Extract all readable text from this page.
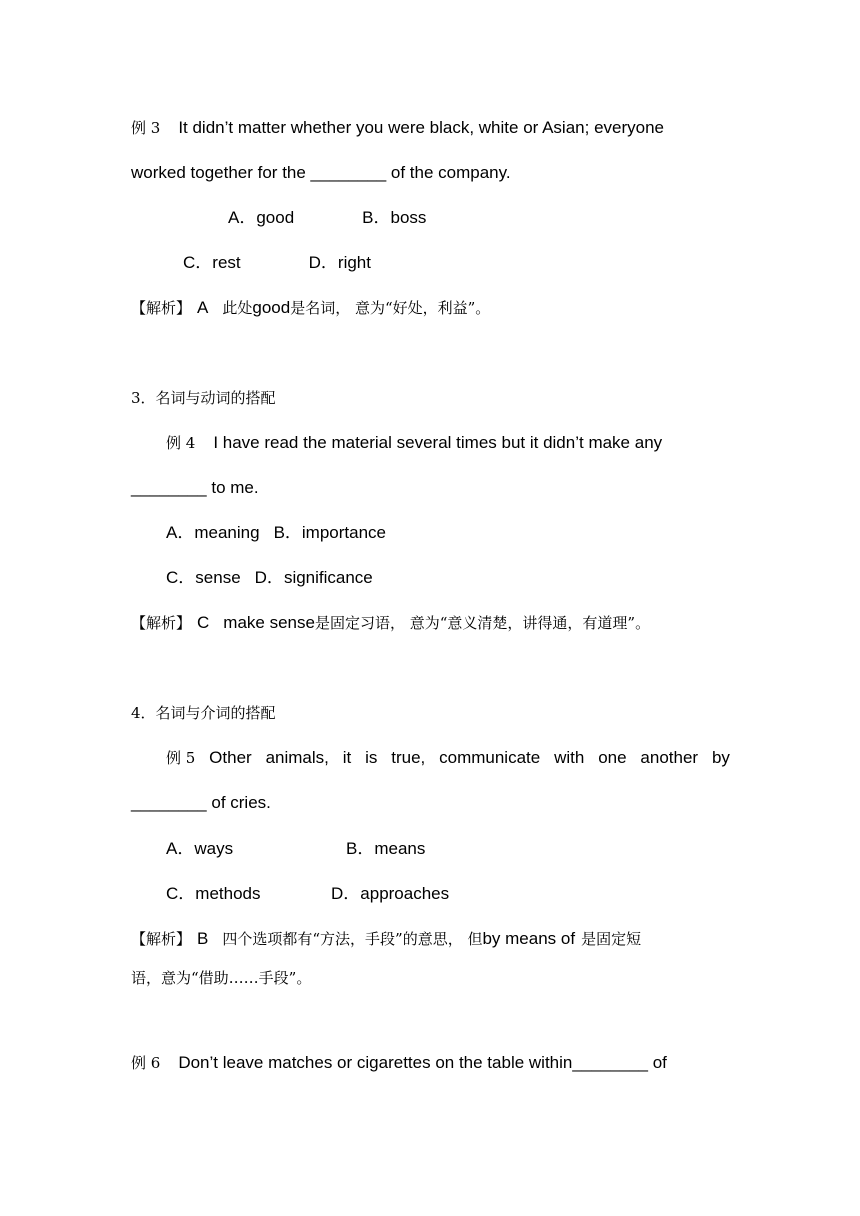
例 3 It didn’t matter whether you were black, white or Asian; everyone
worked together for the ________ of the company.
A．good	B．boss
C．rest	D．right
【解析】 A 此处good是名词， 意为“好处，利益”。
3．名词与动词的搭配
例 4 I have read the material several times but it didn’t make any
________ to me.
A．meaning B．importance
C．sense D．significance
【解析】 C make sense是固定习语， 意为“意义清楚，讲得通，有道理”。
4．名词与介词的搭配
例 5 Other animals, it is true, communicate with one another by
________ of cries.
A．ways	B．means
C．methods	D．approaches
【解析】 B 四个选项都有“方法，手段”的意思， 但by means of 是固定短
语，意为“借助……手段”。
例 6 Don’t leave matches or cigarettes on the table within________ of
